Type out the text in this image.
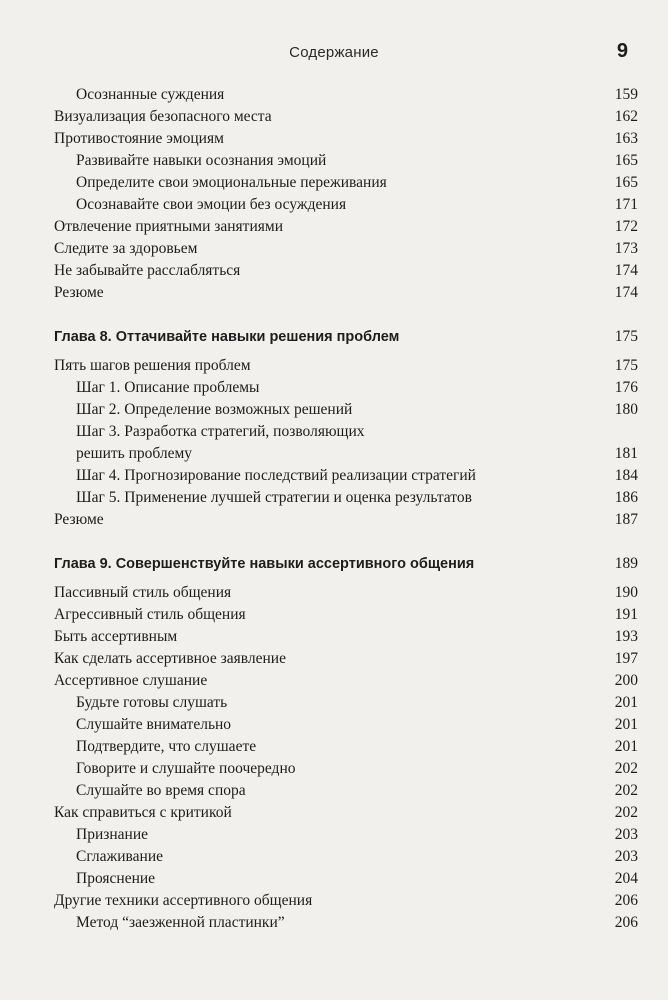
Содержание	9
Осознанные суждения	159
Визуализация безопасного места	162
Противостояние эмоциям	163
Развивайте навыки осознания эмоций	165
Определите свои эмоциональные переживания	165
Осознавайте свои эмоции без осуждения	171
Отвлечение приятными занятиями	172
Следите за здоровьем	173
Не забывайте расслабляться	174
Резюме	174
Глава 8. Оттачивайте навыки решения проблем	175
Пять шагов решения проблем	175
Шаг 1. Описание проблемы	176
Шаг 2. Определение возможных решений	180
Шаг 3. Разработка стратегий, позволяющих
решить проблему	181
Шаг 4. Прогнозирование последствий реализации стратегий	184
Шаг 5. Применение лучшей стратегии и оценка результатов	186
Резюме	187
Глава 9. Совершенствуйте навыки ассертивного общения	189
Пассивный стиль общения	190
Агрессивный стиль общения	191
Быть ассертивным	193
Как сделать ассертивное заявление	197
Ассертивное слушание	200
Будьте готовы слушать	201
Слушайте внимательно	201
Подтвердите, что слушаете	201
Говорите и слушайте поочередно	202
Слушайте во время спора	202
Как справиться с критикой	202
Признание	203
Сглаживание	203
Прояснение	204
Другие техники ассертивного общения	206
Метод “заезженной пластинки”	206
